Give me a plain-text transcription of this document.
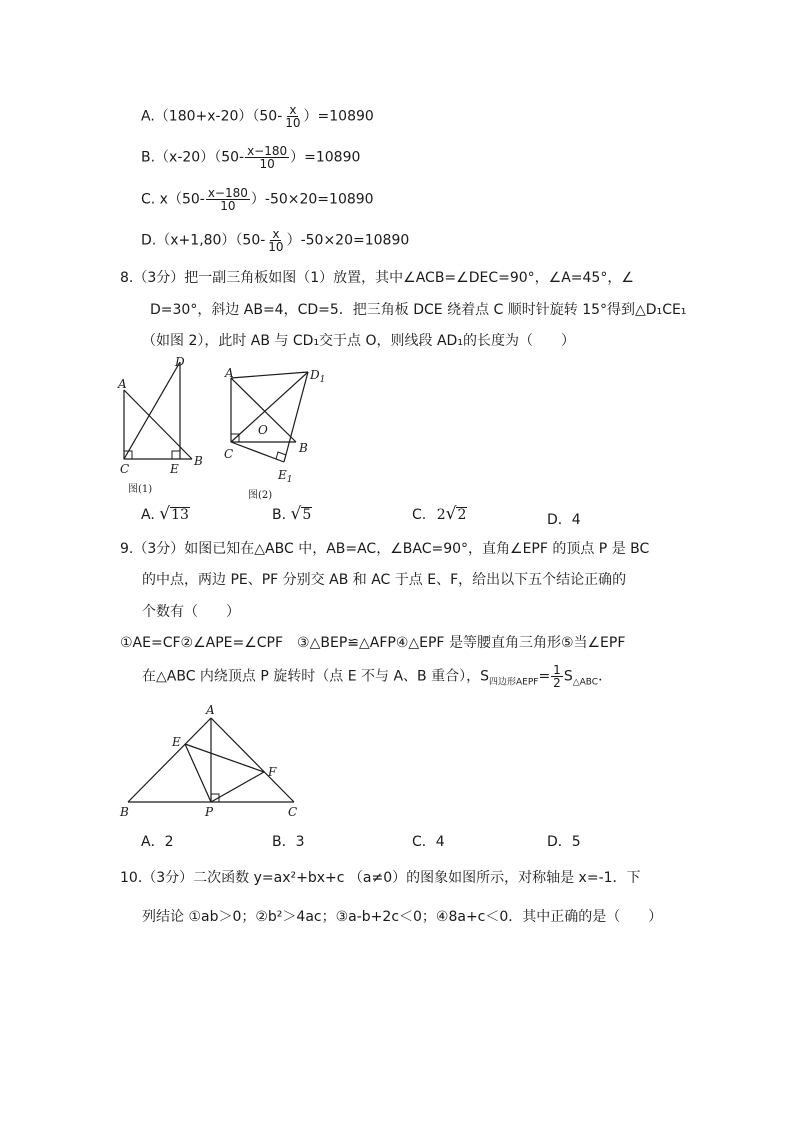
$A.(180+x-20)(50- \frac{x}{10} )=10890$
$B.(x-20)(50- \frac{x-180}{10} )=10890$
C. $x(50- \frac{x-180}{10} )-50\times 20=10890$
D.（x+1‚80）（50- $\frac{x}{10} )-50\times 20=10890$
8.（3分）把一副三角板如图（1）放置，其中∠ACB=∠DEC=90°，∠A=45°，∠
D=30°，斜边 AB=4，CD=5．把三角板 DCE 绕着点 C 顺时针旋转 15°得到△D₁CE₁
（如图 2），此时 AB 与 CD₁交于点 O，则线段 AD₁的长度为（　　）
A
D
C	E
B
图(1)
A	$D_1$
O
C	B
$E_1$
图(2)
A. √ 13	B. √ 5	C. 2 √ 2	D．4
9.（3分）如图已知在△ABC 中，AB=AC，∠BAC=90°，直角∠EPF 的顶点 P 是 BC
的中点，两边 PE、PF 分别交 AB 和 AC 于点 E、F，给出以下五个结论正确的
个数有（　　）
①AE=CF②∠APE=∠CPF　③△BEP≌△AFP④△EPF 是等腰直角三角形⑤当∠EPF
在△ABC 内绕顶点 P 旋转时（点 E 不与 A、B 重合），$S_{四边形AEPF}= \frac{1}{2} S_{\triangle ABC}$．
A
E
F
B	P	C
A．2	B．3	C．4	D．5
10.（3分）二次函数 y=ax²+bx+c （a≠0）的图象如图所示，对称轴是 x=-1．下
列结论 ①ab＞0；②b²＞4ac；③a-b+2c＜0；④8a+c＜0．其中正确的是（　　）
